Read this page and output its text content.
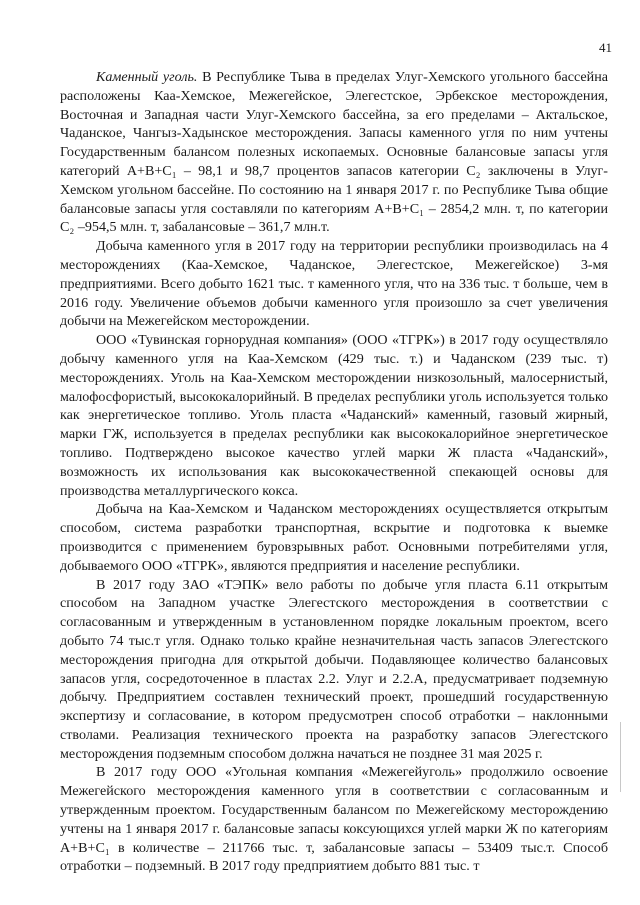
41

Каменный уголь. В Республике Тыва в пределах Улуг-Хемского угольного бассейна расположены Каа-Хемское, Межегейское, Элегестское, Эрбекское месторождения, Восточная и Западная части Улуг-Хемского бассейна, за его пределами – Актальское, Чаданское, Чангыз-Хадынское месторождения. Запасы каменного угля по ним учтены Государственным балансом полезных ископаемых. Основные балансовые запасы угля категорий А+В+С₁ – 98,1 и 98,7 процентов запасов категории С₂ заключены в Улуг-Хемском угольном бассейне. По состоянию на 1 января 2017 г. по Республике Тыва общие балансовые запасы угля составляли по категориям А+В+С₁ – 2854,2 млн. т, по категории С₂ –954,5 млн. т, забалансовые – 361,7 млн.т.

Добыча каменного угля в 2017 году на территории республики производилась на 4 месторождениях (Каа-Хемское, Чаданское, Элегестское, Межегейское) 3-мя предприятиями. Всего добыто 1621 тыс. т каменного угля, что на 336 тыс. т больше, чем в 2016 году. Увеличение объемов добычи каменного угля произошло за счет увеличения добычи на Межегейском месторождении.

ООО «Тувинская горнорудная компания» (ООО «ТГРК») в 2017 году осуществляло добычу каменного угля на Каа-Хемском (429 тыс. т.) и Чаданском (239 тыс. т) месторождениях. Уголь на Каа-Хемском месторождении низкозольный, малосернистый, малофосфористый, высококалорийный. В пределах республики уголь используется только как энергетическое топливо. Уголь пласта «Чаданский» каменный, газовый жирный, марки ГЖ, используется в пределах республики как высококалорийное энергетическое топливо. Подтверждено высокое качество углей марки Ж пласта «Чаданский», возможность их использования как высококачественной спекающей основы для производства металлургического кокса.

Добыча на Каа-Хемском и Чаданском месторождениях осуществляется открытым способом, система разработки транспортная, вскрытие и подготовка к выемке производится с применением буровзрывных работ. Основными потребителями угля, добываемого ООО «ТГРК», являются предприятия и население республики.

В 2017 году ЗАО «ТЭПК» вело работы по добыче угля пласта 6.11 открытым способом на Западном участке Элегестского месторождения в соответствии с согласованным и утвержденным в установленном порядке локальным проектом, всего добыто 74 тыс.т угля. Однако только крайне незначительная часть запасов Элегестского месторождения пригодна для открытой добычи. Подавляющее количество балансовых запасов угля, сосредоточенное в пластах 2.2. Улуг и 2.2.А, предусматривает подземную добычу. Предприятием составлен технический проект, прошедший государственную экспертизу и согласование, в котором предусмотрен способ отработки – наклонными стволами. Реализация технического проекта на разработку запасов Элегестского месторождения подземным способом должна начаться не позднее 31 мая 2025 г.

В 2017 году ООО «Угольная компания «Межегейуголь» продолжило освоение Межегейского месторождения каменного угля в соответствии с согласованным и утвержденным проектом. Государственным балансом по Межегейскому месторождению учтены на 1 января 2017 г. балансовые запасы коксующихся углей марки Ж по категориям А+В+С₁ в количестве – 211766 тыс. т, забалансовые запасы – 53409 тыс.т. Способ отработки – подземный. В 2017 году предприятием добыто 881 тыс. т
